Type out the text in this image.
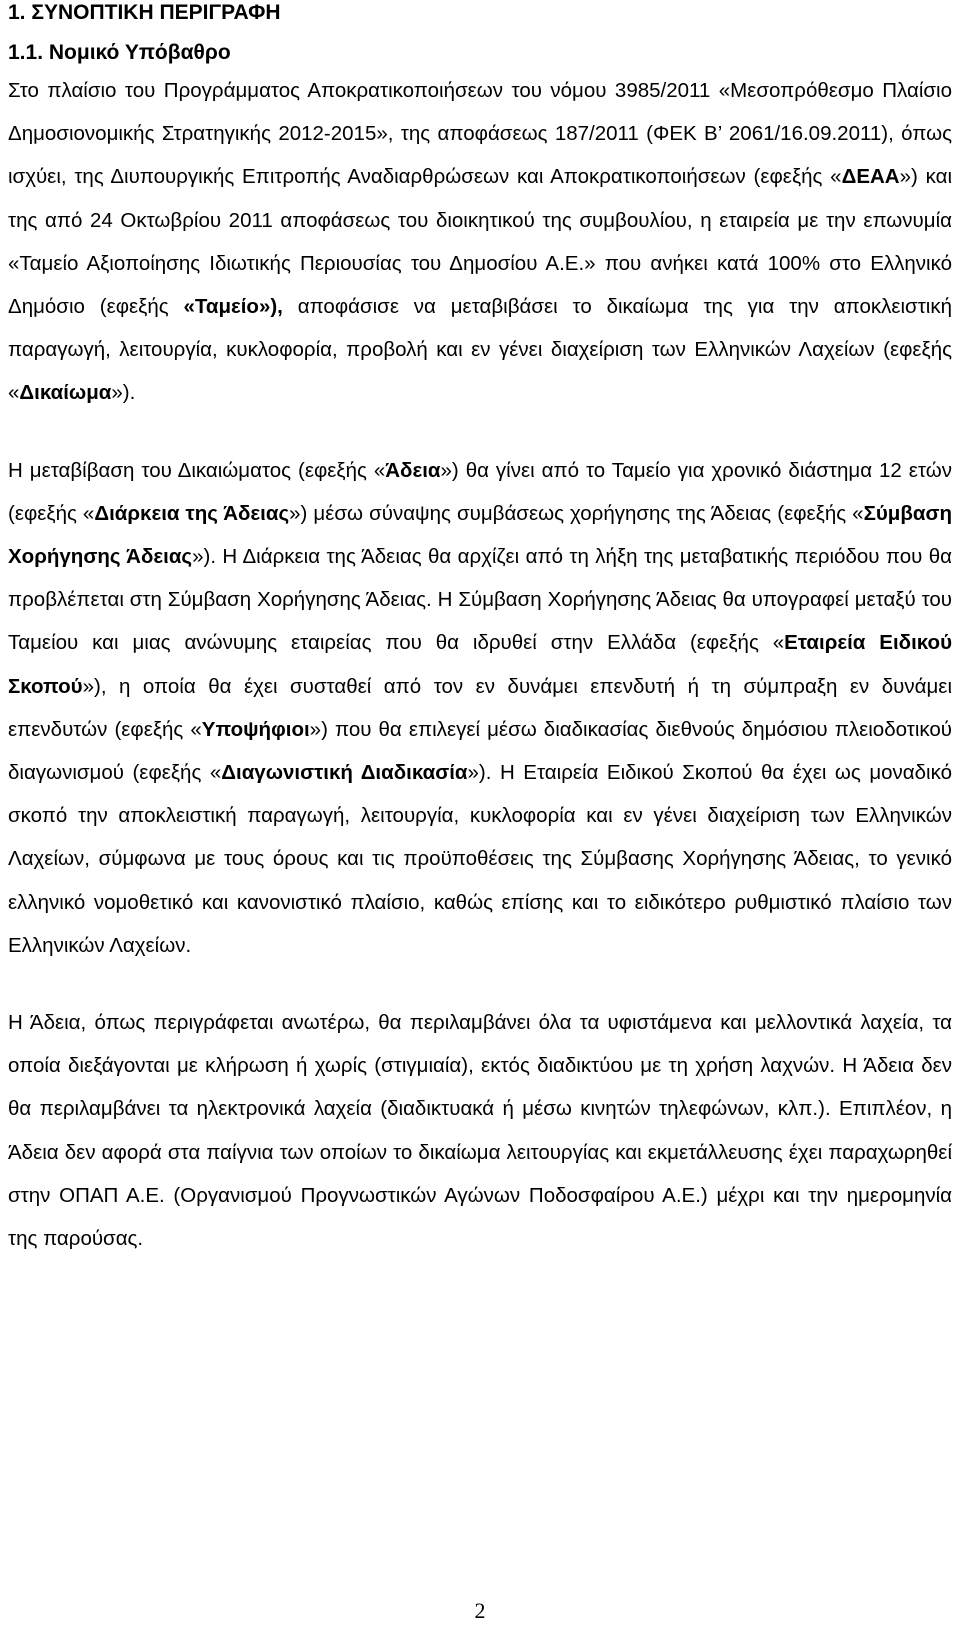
1. ΣΥΝΟΠΤΙΚΗ ΠΕΡΙΓΡΑΦΗ
1.1. Νομικό Υπόβαθρο

Στο πλαίσιο του Προγράμματος Αποκρατικοποιήσεων του νόμου 3985/2011 «Μεσοπρόθεσμο Πλαίσιο Δημοσιονομικής Στρατηγικής 2012-2015», της αποφάσεως 187/2011 (ΦΕΚ Β’ 2061/16.09.2011), όπως ισχύει, της Διυπουργικής Επιτροπής Αναδιαρθρώσεων και Αποκρατικοποιήσεων (εφεξής «ΔΕΑΑ») και της από 24 Οκτωβρίου 2011 αποφάσεως του διοικητικού της συμβουλίου, η εταιρεία με την επωνυμία «Ταμείο Αξιοποίησης Ιδιωτικής Περιουσίας του Δημοσίου Α.Ε.» που ανήκει κατά 100% στο Ελληνικό Δημόσιο (εφεξής «Ταμείο»), αποφάσισε να μεταβιβάσει το δικαίωμα της για την αποκλειστική παραγωγή, λειτουργία, κυκλοφορία, προβολή και εν γένει διαχείριση των Ελληνικών Λαχείων (εφεξής «Δικαίωμα»).

Η μεταβίβαση του Δικαιώματος (εφεξής «Άδεια») θα γίνει από το Ταμείο για χρονικό διάστημα 12 ετών (εφεξής «Διάρκεια της Άδειας») μέσω σύναψης συμβάσεως χορήγησης της Άδειας (εφεξής «Σύμβαση Χορήγησης Άδειας»). Η Διάρκεια της Άδειας θα αρχίζει από τη λήξη της μεταβατικής περιόδου που θα προβλέπεται στη Σύμβαση Χορήγησης Άδειας. Η Σύμβαση Χορήγησης Άδειας θα υπογραφεί μεταξύ του Ταμείου και μιας ανώνυμης εταιρείας που θα ιδρυθεί στην Ελλάδα (εφεξής «Εταιρεία Ειδικού Σκοπού»), η οποία θα έχει συσταθεί από τον εν δυνάμει επενδυτή ή τη σύμπραξη εν δυνάμει επενδυτών (εφεξής «Υποψήφιοι») που θα επιλεγεί μέσω διαδικασίας διεθνούς δημόσιου πλειοδοτικού διαγωνισμού (εφεξής «Διαγωνιστική Διαδικασία»). Η Εταιρεία Ειδικού Σκοπού θα έχει ως μοναδικό σκοπό την αποκλειστική παραγωγή, λειτουργία, κυκλοφορία και εν γένει διαχείριση των Ελληνικών Λαχείων, σύμφωνα με τους όρους και τις προϋποθέσεις της Σύμβασης Χορήγησης Άδειας, το γενικό ελληνικό νομοθετικό και κανονιστικό πλαίσιο, καθώς επίσης και το ειδικότερο ρυθμιστικό πλαίσιο των Ελληνικών Λαχείων.

Η Άδεια, όπως περιγράφεται ανωτέρω, θα περιλαμβάνει όλα τα υφιστάμενα και μελλοντικά λαχεία, τα οποία διεξάγονται με κλήρωση ή χωρίς (στιγμιαία), εκτός διαδικτύου με τη χρήση λαχνών. Η Άδεια δεν θα περιλαμβάνει τα ηλεκτρονικά λαχεία (διαδικτυακά ή μέσω κινητών τηλεφώνων, κλπ.). Επιπλέον, η Άδεια δεν αφορά στα παίγνια των οποίων το δικαίωμα λειτουργίας και εκμετάλλευσης έχει παραχωρηθεί στην ΟΠΑΠ Α.Ε. (Οργανισμού Προγνωστικών Αγώνων Ποδοσφαίρου Α.Ε.) μέχρι και την ημερομηνία της παρούσας.

2
